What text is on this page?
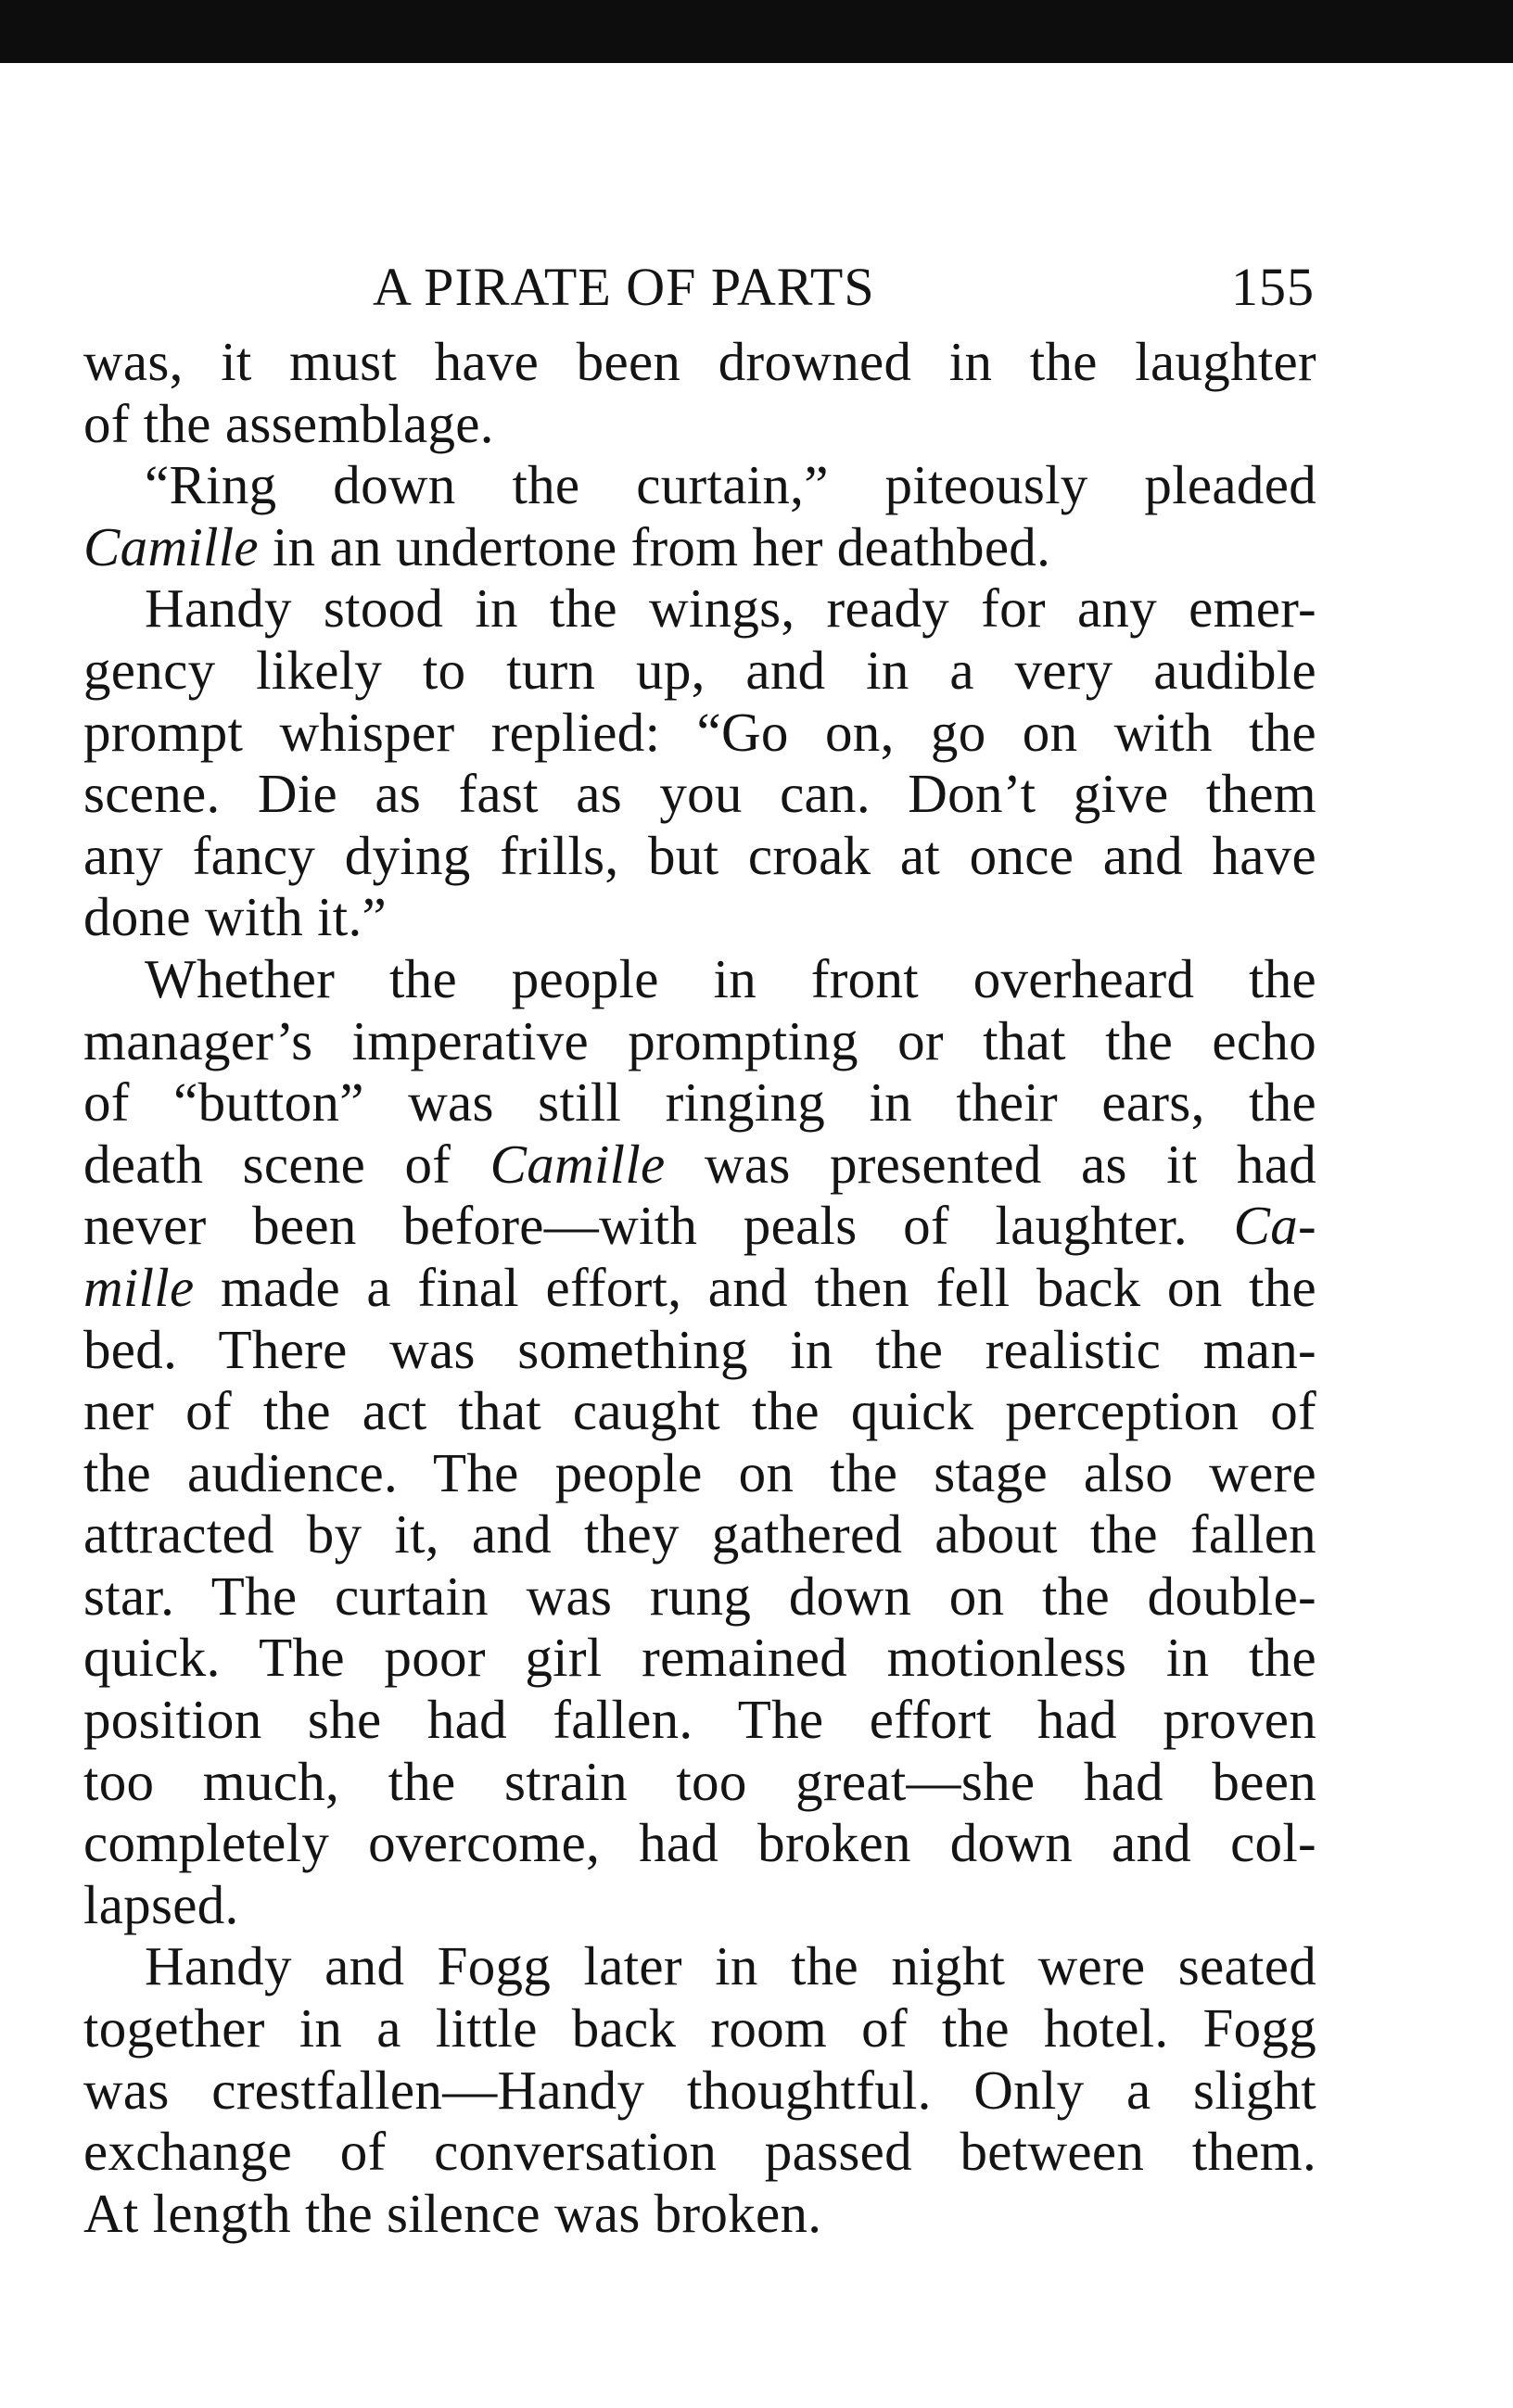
A PIRATE OF PARTS	155
was, it must have been drowned in the laughter
of the assemblage.
“Ring down the curtain,” piteously pleaded
Camille in an undertone from her deathbed.
Handy stood in the wings, ready for any emer-
gency likely to turn up, and in a very audible
prompt whisper replied: “Go on, go on with the
scene. Die as fast as you can. Don’t give them
any fancy dying frills, but croak at once and have
done with it.”
Whether the people in front overheard the
manager’s imperative prompting or that the echo
of “button” was still ringing in their ears, the
death scene of Camille was presented as it had
never been before—with peals of laughter. Ca-
mille made a final effort, and then fell back on the
bed. There was something in the realistic man-
ner of the act that caught the quick perception of
the audience. The people on the stage also were
attracted by it, and they gathered about the fallen
star. The curtain was rung down on the double-
quick. The poor girl remained motionless in the
position she had fallen. The effort had proven
too much, the strain too great—she had been
completely overcome, had broken down and col-
lapsed.
Handy and Fogg later in the night were seated
together in a little back room of the hotel. Fogg
was crestfallen—Handy thoughtful. Only a slight
exchange of conversation passed between them.
At length the silence was broken.
